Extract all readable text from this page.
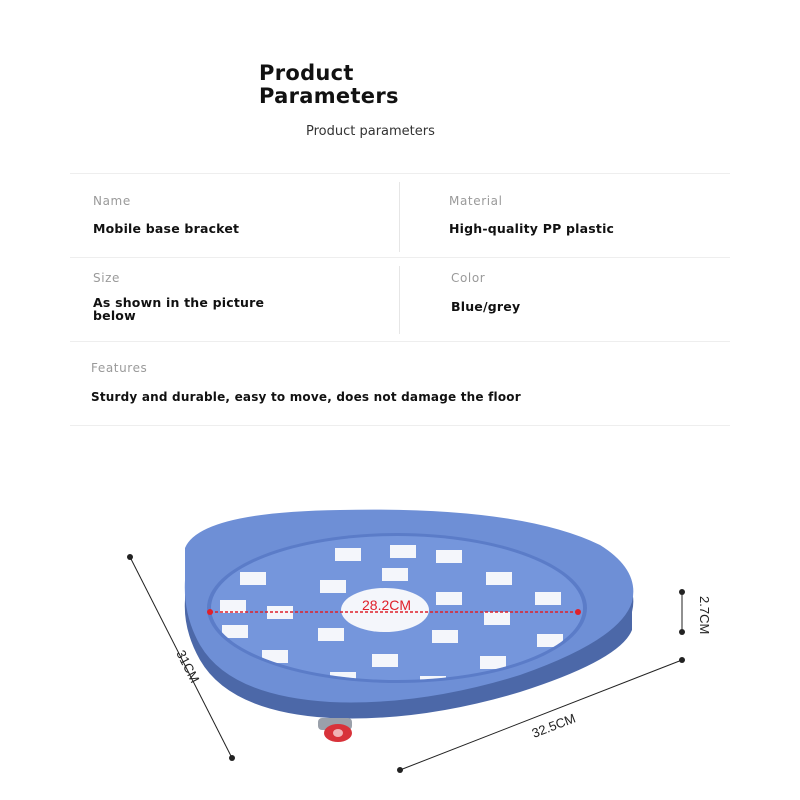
Product
Parameters
Product parameters
Name
Mobile base bracket
Material
High-quality PP plastic
Size
As shown in the picture
below
Color
Blue/grey
Features
Sturdy and durable, easy to move, does not damage the floor
28.2CM	2.7CM
31CM
32.5CM
